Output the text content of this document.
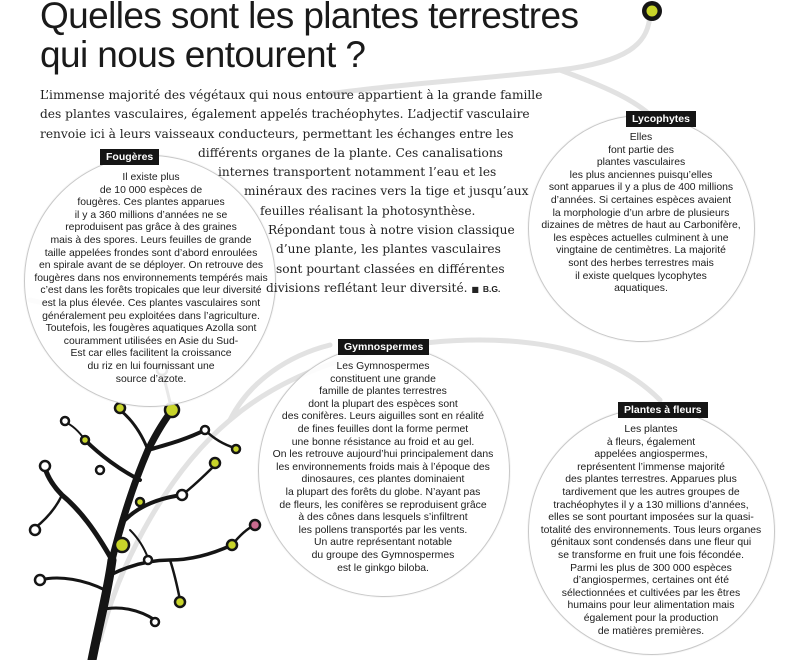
Quelles sont les plantes terrestres
qui nous entourent ?

L’immense majorité des végétaux qui nous entoure appartient à la grande famille
des plantes vasculaires, également appelés trachéophytes. L’adjectif vasculaire
renvoie ici à leurs vaisseaux conducteurs, permettant les échanges entre les
différents organes de la plante. Ces canalisations
internes transportent notamment l’eau et les
minéraux des racines vers la tige et jusqu’aux
feuilles réalisant la photosynthèse.
Répondant tous à notre vision classique
d’une plante, les plantes vasculaires
sont pourtant classées en différentes
divisions reflétant leur diversité. ■ B.G.

Fougères
Il existe plus
de 10 000 espèces de
fougères. Ces plantes apparues
il y a 360 millions d’années ne se
reproduisent pas grâce à des graines
mais à des spores. Leurs feuilles de grande
taille appelées frondes sont d’abord enroulées
en spirale avant de se déployer. On retrouve des
fougères dans nos environnements tempérés mais
c’est dans les forêts tropicales que leur diversité
est la plus élevée. Ces plantes vasculaires sont
généralement peu exploitées dans l’agriculture.
Toutefois, les fougères aquatiques Azolla sont
couramment utilisées en Asie du Sud-
Est car elles facilitent la croissance
du riz en lui fournissant une
source d’azote.
Lycophytes
Elles
font partie des
plantes vasculaires
les plus anciennes puisqu’elles
sont apparues il y a plus de 400 millions
d’années. Si certaines espèces avaient
la morphologie d’un arbre de plusieurs
dizaines de mètres de haut au Carbonifère,
les espèces actuelles culminent à une
vingtaine de centimètres. La majorité
sont des herbes terrestres mais
il existe quelques lycophytes
aquatiques.
Gymnospermes
Les Gymnospermes
constituent une grande
famille de plantes terrestres
dont la plupart des espèces sont
des conifères. Leurs aiguilles sont en réalité
de fines feuilles dont la forme permet
une bonne résistance au froid et au gel.
On les retrouve aujourd’hui principalement dans
les environnements froids mais à l’époque des
dinosaures, ces plantes dominaient
la plupart des forêts du globe. N’ayant pas
de fleurs, les conifères se reproduisent grâce
à des cônes dans lesquels s’infiltrent
les pollens transportés par les vents.
Un autre représentant notable
du groupe des Gymnospermes
est le ginkgo biloba.
Plantes à fleurs
Les plantes
à fleurs, également
appelées angiospermes,
représentent l’immense majorité
des plantes terrestres. Apparues plus
tardivement que les autres groupes de
trachéophytes il y a 130 millions d’années,
elles se sont pourtant imposées sur la quasi-
totalité des environnements. Tous leurs organes
génitaux sont condensés dans une fleur qui
se transforme en fruit une fois fécondée.
Parmi les plus de 300 000 espèces
d’angiospermes, certaines ont été
sélectionnées et cultivées par les êtres
humains pour leur alimentation mais
également pour la production
de matières premières.
